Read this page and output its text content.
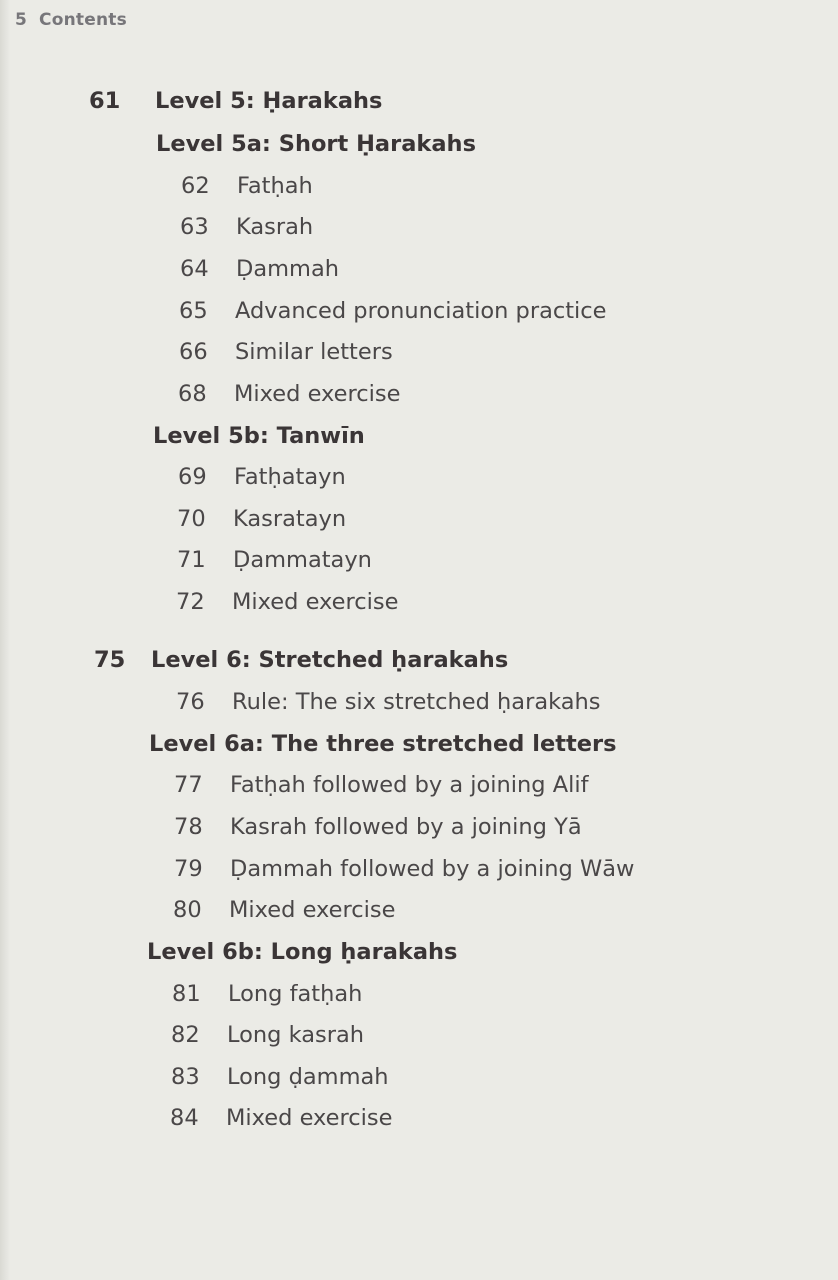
5 Contents
61 Level 5: Ḥarakahs
Level 5a: Short Ḥarakahs
62 Fatḥah
63 Kasrah
64 Ḍammah
65 Advanced pronunciation practice
66 Similar letters
68 Mixed exercise
Level 5b: Tanwīn
69 Fatḥatayn
70 Kasratayn
71 Ḍammatayn
72 Mixed exercise
75 Level 6: Stretched ḥarakahs
76 Rule: The six stretched ḥarakahs
Level 6a: The three stretched letters
77 Fatḥah followed by a joining Alif
78 Kasrah followed by a joining Yā
79 Ḍammah followed by a joining Wāw
80 Mixed exercise
Level 6b: Long ḥarakahs
81 Long fatḥah
82 Long kasrah
83 Long ḍammah
84 Mixed exercise
